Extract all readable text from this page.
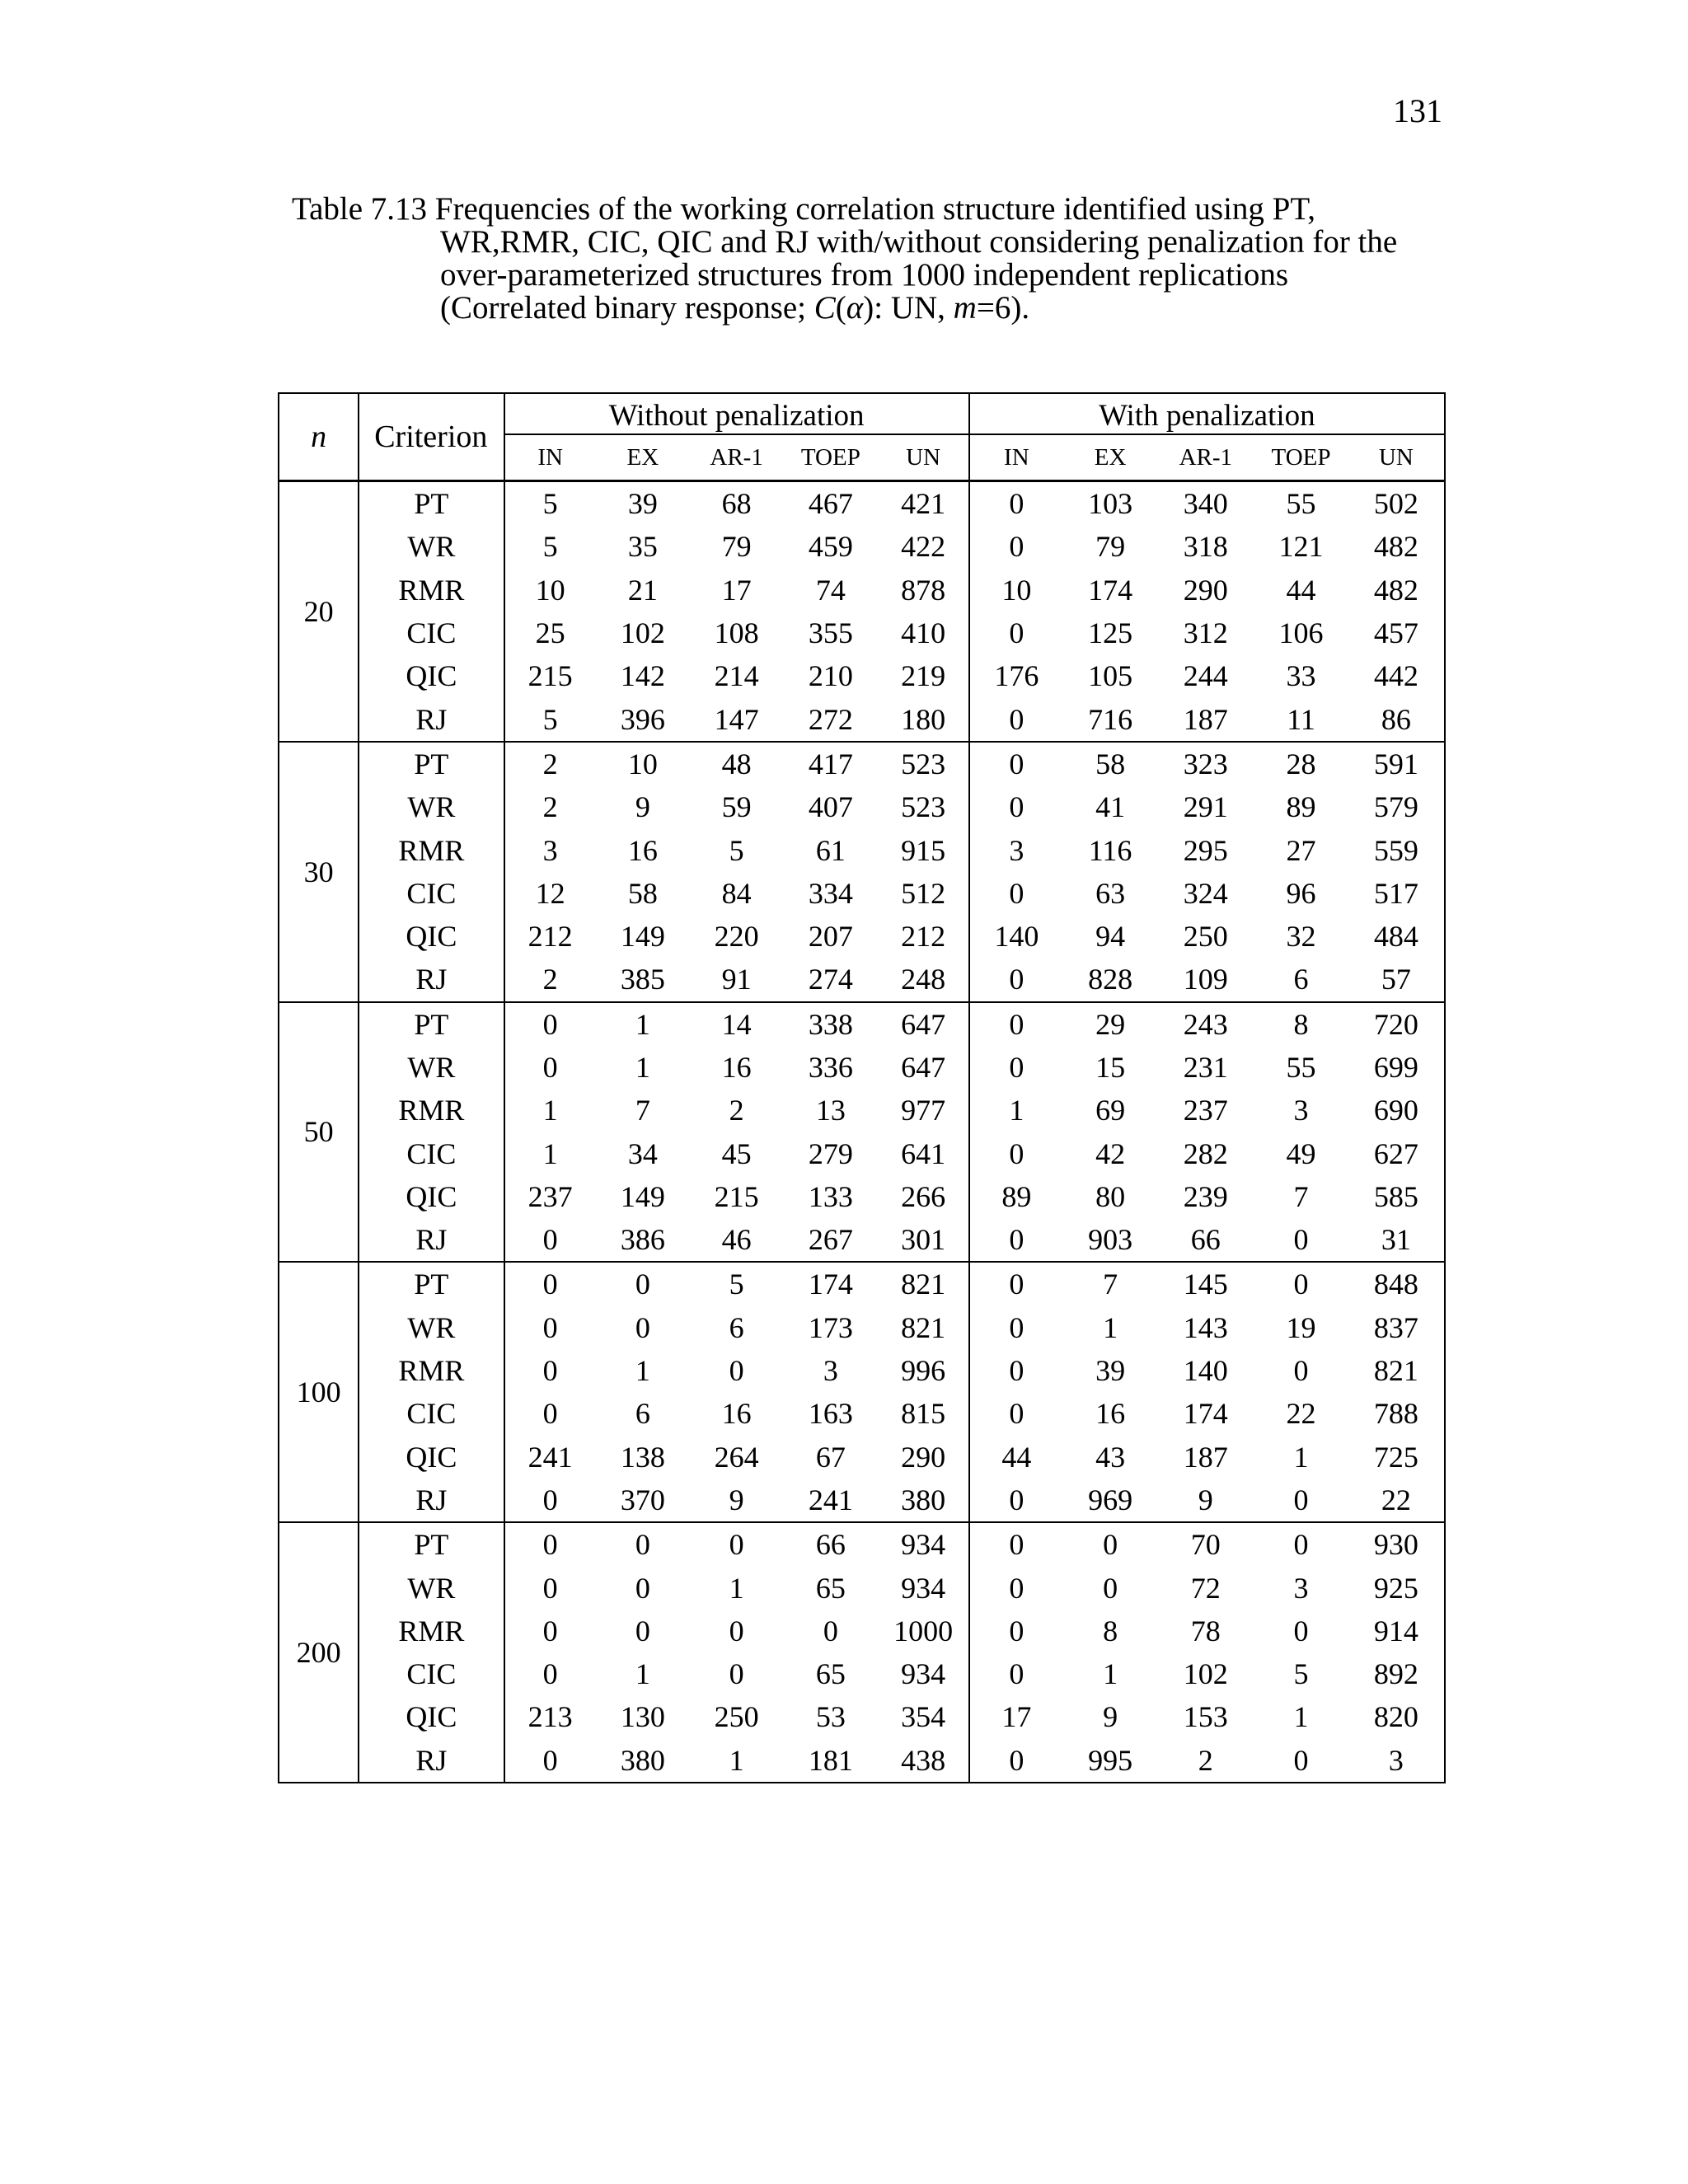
131
Table 7.13 Frequencies of the working correlation structure identified using PT,
WR,RMR, CIC, QIC and RJ with/without considering penalization for the
over-parameterized structures from 1000 independent replications
(Correlated binary response; C(α): UN, m=6).
n	Criterion	Without penalization					With penalization				
		IN	EX	AR-1	TOEP	UN	IN	EX	AR-1	TOEP	UN
20	PT	5	39	68	467	421	0	103	340	55	502
	WR	5	35	79	459	422	0	79	318	121	482
	RMR	10	21	17	74	878	10	174	290	44	482
	CIC	25	102	108	355	410	0	125	312	106	457
	QIC	215	142	214	210	219	176	105	244	33	442
	RJ	5	396	147	272	180	0	716	187	11	86
30	PT	2	10	48	417	523	0	58	323	28	591
	WR	2	9	59	407	523	0	41	291	89	579
	RMR	3	16	5	61	915	3	116	295	27	559
	CIC	12	58	84	334	512	0	63	324	96	517
	QIC	212	149	220	207	212	140	94	250	32	484
	RJ	2	385	91	274	248	0	828	109	6	57
50	PT	0	1	14	338	647	0	29	243	8	720
	WR	0	1	16	336	647	0	15	231	55	699
	RMR	1	7	2	13	977	1	69	237	3	690
	CIC	1	34	45	279	641	0	42	282	49	627
	QIC	237	149	215	133	266	89	80	239	7	585
	RJ	0	386	46	267	301	0	903	66	0	31
100	PT	0	0	5	174	821	0	7	145	0	848
	WR	0	0	6	173	821	0	1	143	19	837
	RMR	0	1	0	3	996	0	39	140	0	821
	CIC	0	6	16	163	815	0	16	174	22	788
	QIC	241	138	264	67	290	44	43	187	1	725
	RJ	0	370	9	241	380	0	969	9	0	22
200	PT	0	0	0	66	934	0	0	70	0	930
	WR	0	0	1	65	934	0	0	72	3	925
	RMR	0	0	0	0	1000	0	8	78	0	914
	CIC	0	1	0	65	934	0	1	102	5	892
	QIC	213	130	250	53	354	17	9	153	1	820
	RJ	0	380	1	181	438	0	995	2	0	3
